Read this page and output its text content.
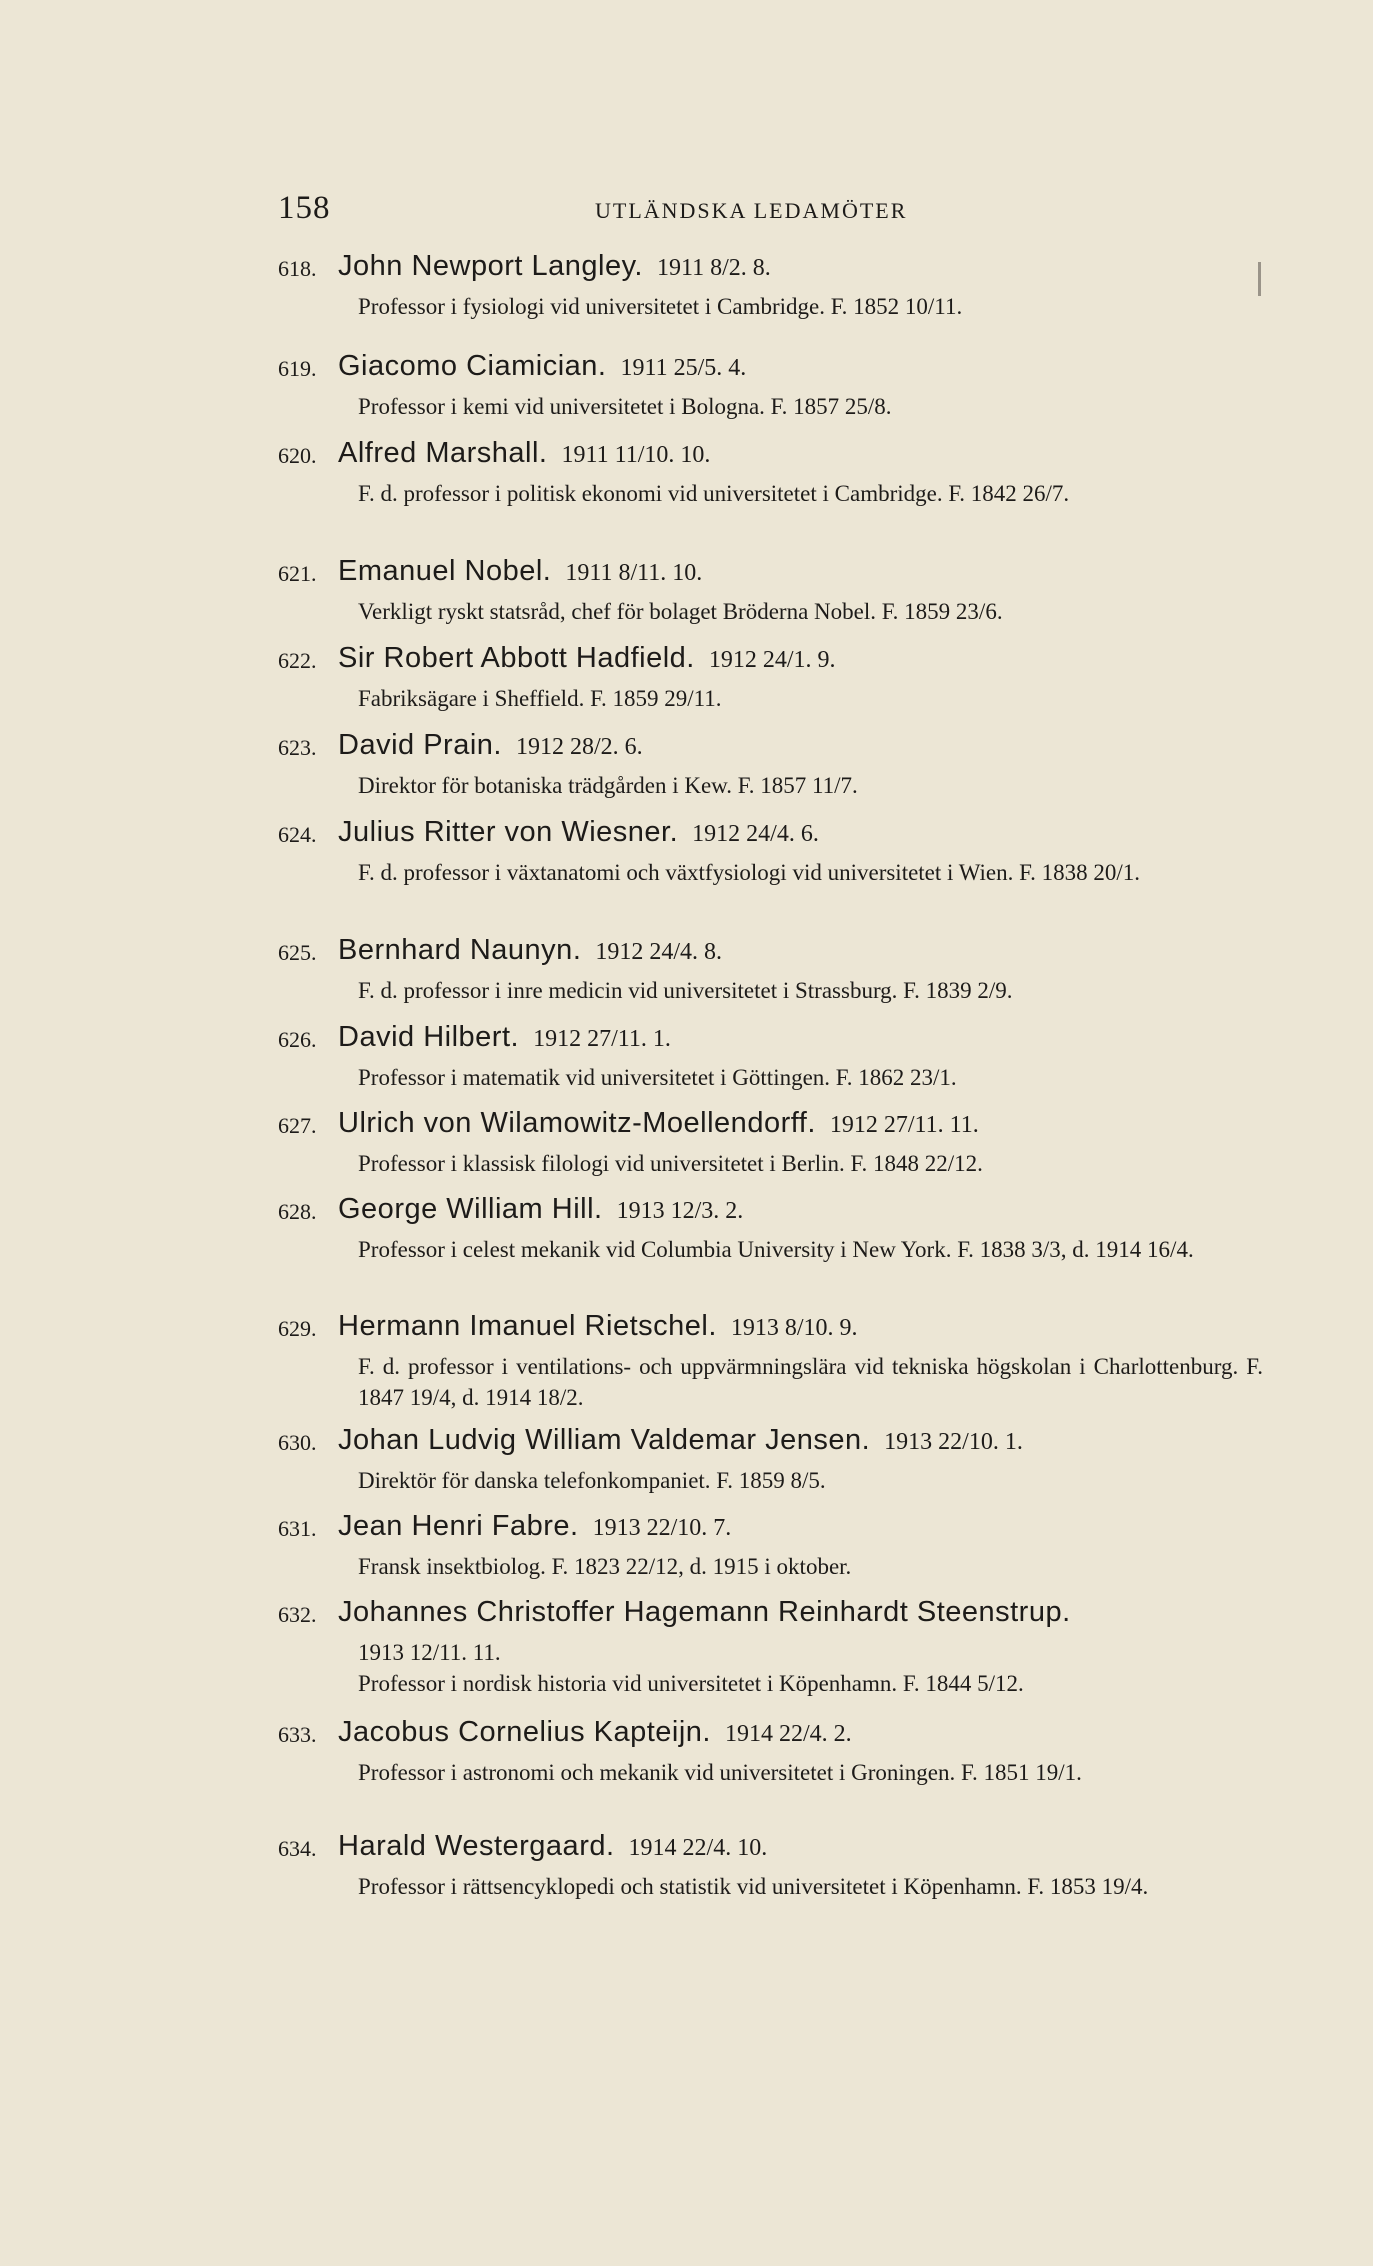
158	UTLÄNDSKA LEDAMÖTER
618. John Newport Langley. 1911 8/2. 8.
Professor i fysiologi vid universitetet i Cambridge. F. 1852 10/11.
619. Giacomo Ciamician. 1911 25/5. 4.
Professor i kemi vid universitetet i Bologna. F. 1857 25/8.
620. Alfred Marshall. 1911 11/10. 10.
F. d. professor i politisk ekonomi vid universitetet i Cambridge. F. 1842 26/7.
621. Emanuel Nobel. 1911 8/11. 10.
Verkligt ryskt statsråd, chef för bolaget Bröderna Nobel. F. 1859 23/6.
622. Sir Robert Abbott Hadfield. 1912 24/1. 9.
Fabriksägare i Sheffield. F. 1859 29/11.
623. David Prain. 1912 28/2. 6.
Direktor för botaniska trädgården i Kew. F. 1857 11/7.
624. Julius Ritter von Wiesner. 1912 24/4. 6.
F. d. professor i växtanatomi och växtfysiologi vid universitetet i Wien. F. 1838 20/1.
625. Bernhard Naunyn. 1912 24/4. 8.
F. d. professor i inre medicin vid universitetet i Strassburg. F. 1839 2/9.
626. David Hilbert. 1912 27/11. 1.
Professor i matematik vid universitetet i Göttingen. F. 1862 23/1.
627. Ulrich von Wilamowitz-Moellendorff. 1912 27/11. 11.
Professor i klassisk filologi vid universitetet i Berlin. F. 1848 22/12.
628. George William Hill. 1913 12/3. 2.
Professor i celest mekanik vid Columbia University i New York. F. 1838 3/3, d. 1914 16/4.
629. Hermann Imanuel Rietschel. 1913 8/10. 9.
F. d. professor i ventilations- och uppvärmningslära vid tekniska högskolan i Charlottenburg. F. 1847 19/4, d. 1914 18/2.
630. Johan Ludvig William Valdemar Jensen. 1913 22/10. 1.
Direktör för danska telefonkompaniet. F. 1859 8/5.
631. Jean Henri Fabre. 1913 22/10. 7.
Fransk insektbiolog. F. 1823 22/12, d. 1915 i oktober.
632. Johannes Christoffer Hagemann Reinhardt Steenstrup.
1913 12/11. 11.
Professor i nordisk historia vid universitetet i Köpenhamn. F. 1844 5/12.
633. Jacobus Cornelius Kapteijn. 1914 22/4. 2.
Professor i astronomi och mekanik vid universitetet i Groningen. F. 1851 19/1.
634. Harald Westergaard. 1914 22/4. 10.
Professor i rättsencyklopedi och statistik vid universitetet i Köpenhamn. F. 1853 19/4.
